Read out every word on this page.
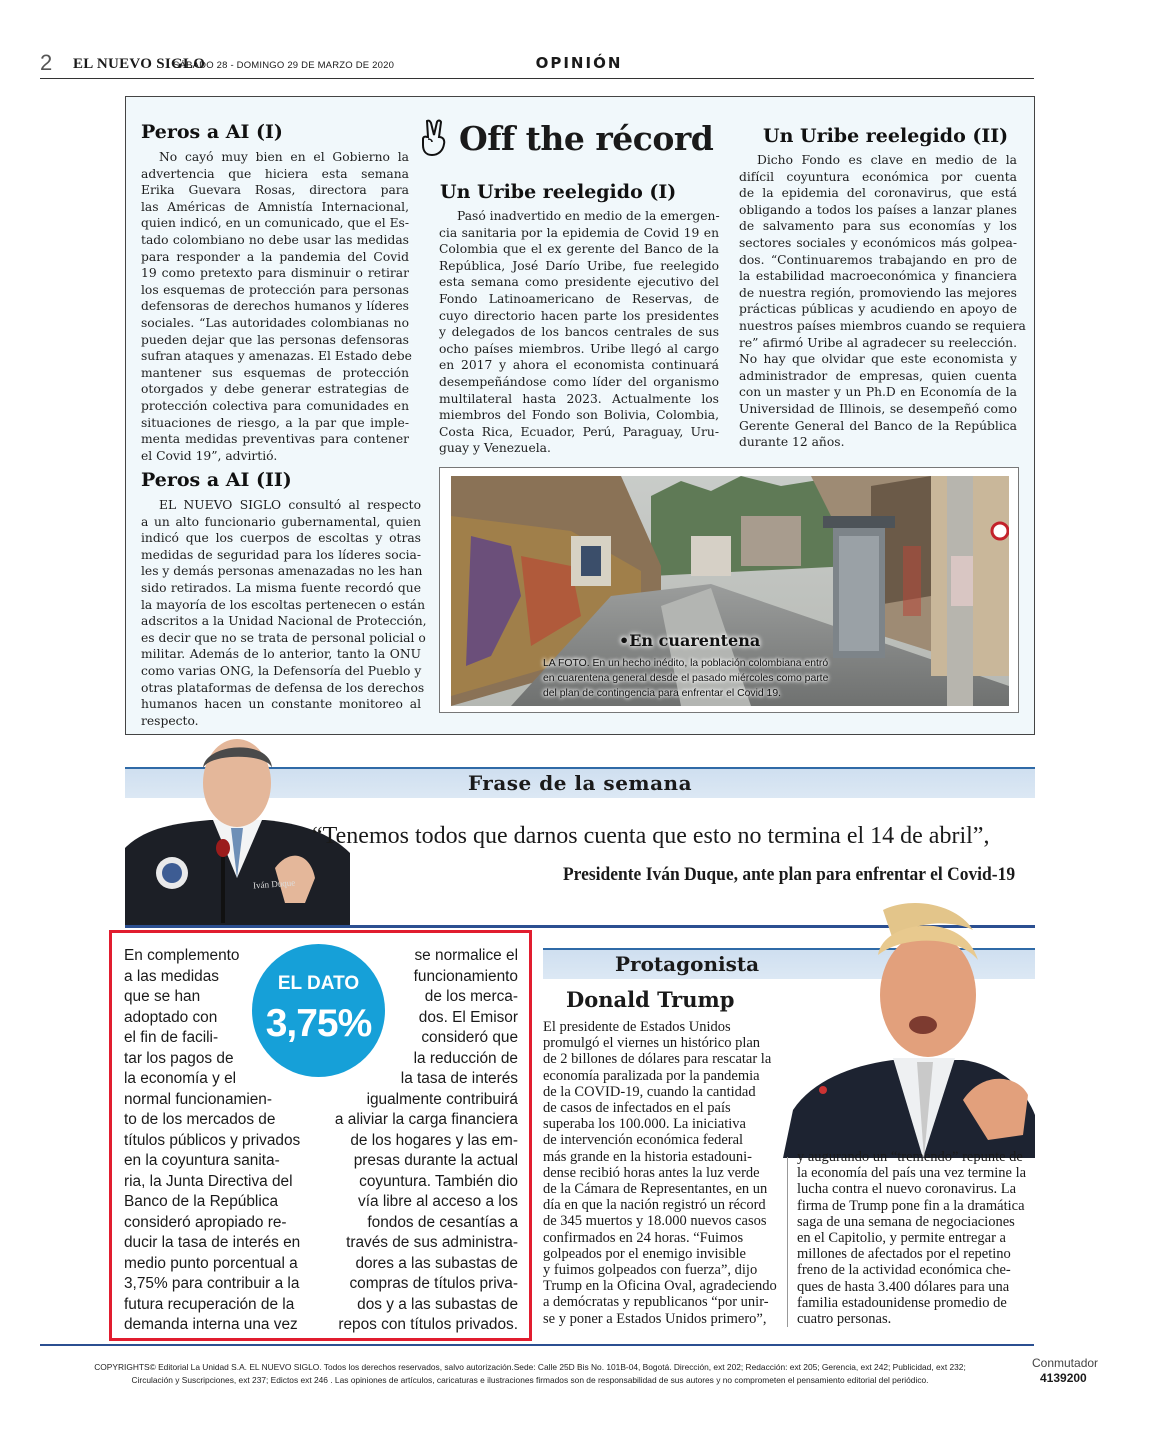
2 EL NUEVO SIGLO
SÁBADO 28 - DOMINGO 29 DE MARZO DE 2020	OPINIÓN
Peros a AI (I)
No cayó muy bien en el Gobierno la
advertencia que hiciera esta semana
Erika Guevara Rosas, directora para
las Américas de Amnistía Internacional,
quien indicó, en un comunicado, que el Es-
tado colombiano no debe usar las medidas
para responder a la pandemia del Covid
19 como pretexto para disminuir o retirar
los esquemas de protección para personas
defensoras de derechos humanos y líderes
sociales. “Las autoridades colombianas no
pueden dejar que las personas defensoras
sufran ataques y amenazas. El Estado debe
mantener sus esquemas de protección
otorgados y debe generar estrategias de
protección colectiva para comunidades en
situaciones de riesgo, a la par que imple-
menta medidas preventivas para contener
el Covid 19”, advirtió.
Peros a AI (II)
EL NUEVO SIGLO consultó al respecto
a un alto funcionario gubernamental, quien
indicó que los cuerpos de escoltas y otras
medidas de seguridad para los líderes socia-
les y demás personas amenazadas no les han
sido retirados. La misma fuente recordó que
la mayoría de los escoltas pertenecen o están
adscritos a la Unidad Nacional de Protección,
es decir que no se trata de personal policial o
militar. Además de lo anterior, tanto la ONU
como varias ONG, la Defensoría del Pueblo y
otras plataformas de defensa de los derechos
humanos hacen un constante monitoreo al
respecto.
Off the récord
Un Uribe reelegido (I)
Pasó inadvertido en medio de la emergen-
cia sanitaria por la epidemia de Covid 19 en
Colombia que el ex gerente del Banco de la
República, José Darío Uribe, fue reelegido
esta semana como presidente ejecutivo del
Fondo Latinoamericano de Reservas, de
cuyo directorio hacen parte los presidentes
y delegados de los bancos centrales de sus
ocho países miembros. Uribe llegó al cargo
en 2017 y ahora el economista continuará
desempeñándose como líder del organismo
multilateral hasta 2023. Actualmente los
miembros del Fondo son Bolivia, Colombia,
Costa Rica, Ecuador, Perú, Paraguay, Uru-
guay y Venezuela.
Un Uribe reelegido (II)
Dicho Fondo es clave en medio de la
difícil coyuntura económica por cuenta
de la epidemia del coronavirus, que está
obligando a todos los países a lanzar planes
de salvamento para sus economías y los
sectores sociales y económicos más golpea-
dos. “Continuaremos trabajando en pro de
la estabilidad macroeconómica y financiera
de nuestra región, promoviendo las mejores
prácticas públicas y acudiendo en apoyo de
nuestros países miembros cuando se requiera
re” afirmó Uribe al agradecer su reelección.
No hay que olvidar que este economista y
administrador de empresas, quien cuenta
con un master y un Ph.D en Economía de la
Universidad de Illinois, se desempeñó como
Gerente General del Banco de la República
durante 12 años.
•En cuarentena
LA FOTO. En un hecho inédito, la población colombiana entró
en cuarentena general desde el pasado miércoles como parte
del plan de contingencia para enfrentar el Covid 19.
Frase de la semana
Iván Duque
“Tenemos todos que darnos cuenta que esto no termina el 14 de abril”,
Presidente Iván Duque, ante plan para enfrentar el Covid-19
En complemento
a las medidas
que se han
adoptado con
el fin de facili-
tar los pagos de
la economía y el
normal funcionamien-
to de los mercados de
títulos públicos y privados
en la coyuntura sanita-
ria, la Junta Directiva del
Banco de la República
consideró apropiado re-
ducir la tasa de interés en
medio punto porcentual a
3,75% para contribuir a la
futura recuperación de la
demanda interna una vez
se normalice el
funcionamiento
de los merca-
dos. El Emisor
consideró que
la reducción de
la tasa de interés
igualmente contribuirá
a aliviar la carga financiera
de los hogares y las em-
presas durante la actual
coyuntura. También dio
vía libre al acceso a los
fondos de cesantías a
través de sus administra-
dores a las subastas de
compras de títulos priva-
dos y a las subastas de
repos con títulos privados.
EL DATO
3,75%
Protagonista
Donald Trump
El presidente de Estados Unidos
promulgó el viernes un histórico plan
de 2 billones de dólares para rescatar la
economía paralizada por la pandemia
de la COVID-19, cuando la cantidad
de casos de infectados en el país
superaba los 100.000. La iniciativa
de intervención económica federal
más grande en la historia estadouni-
dense recibió horas antes la luz verde
de la Cámara de Representantes, en un
día en que la nación registró un récord
de 345 muertos y 18.000 nuevos casos
confirmados en 24 horas. “Fuimos
golpeados por el enemigo invisible
y fuimos golpeados con fuerza”, dijo
Trump en la Oficina Oval, agradeciendo
a demócratas y republicanos “por unir-
se y poner a Estados Unidos primero”,
y augurando un “tremendo” repunte de
la economía del país una vez termine la
lucha contra el nuevo coronavirus. La
firma de Trump pone fin a la dramática
saga de una semana de negociaciones
en el Capitolio, y permite entregar a
millones de afectados por el repetino
freno de la actividad económica che-
ques de hasta 3.400 dólares para una
familia estadounidense promedio de
cuatro personas.
COPYRIGHTS© Editorial La Unidad S.A. EL NUEVO SIGLO. Todos los derechos reservados, salvo autorización.Sede: Calle 25D Bis No. 101B-04, Bogotá. Dirección, ext 202; Redacción: ext 205; Gerencia, ext 242; Publicidad, ext 232;
Circulación y Suscripciones, ext 237; Edictos ext 246 . Las opiniones de artículos, caricaturas e ilustraciones firmados son de responsabilidad de sus autores y no comprometen el pensamiento editorial del periódico.
Conmutador
4139200
